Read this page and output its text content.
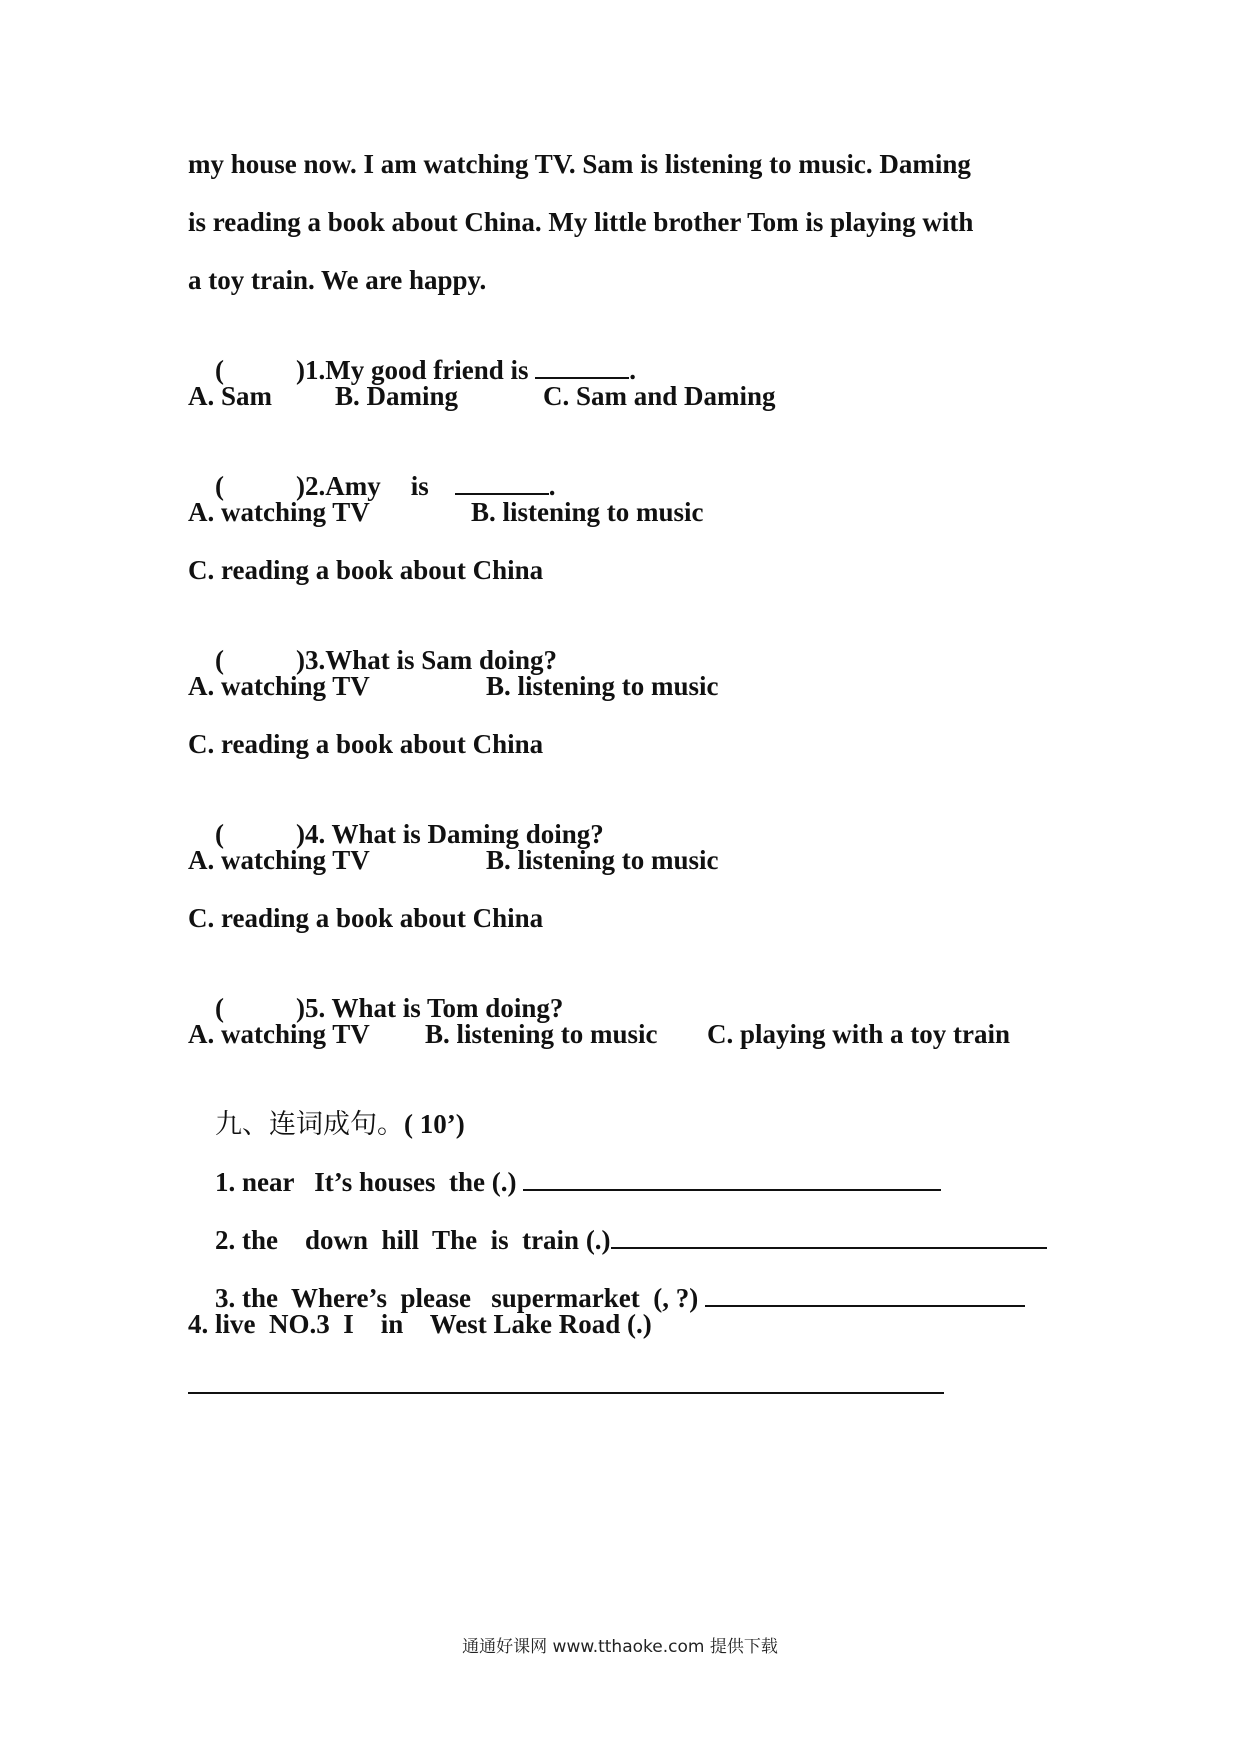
my house now. I am watching TV. Sam is listening to music. Daming
is reading a book about China. My little brother Tom is playing with
a toy train. We are happy.

(	)1.My good friend is	.

A. Sam B. Daming	C. Sam and Daming

(	)2.Amy is	.

A. watching TV	B. listening to music
C. reading a book about China

(	)3.What is Sam doing?

A. watching TV	B. listening to music
C. reading a book about China

(	)4. What is Daming doing?

A. watching TV	B. listening to music
C. reading a book about China

(	)5. What is Tom doing?

A. watching TV B. listening to music C. playing with a toy train

九、连词成句。( 10’)

1. near   It’s houses  the (.)

2. the    down  hill  The  is  train (.)

3. the  Where’s  please   supermarket  (, ?)

4. live  NO.3  I    in    West Lake Road (.)
通通好课网 www.tthaoke.com 提供下载
